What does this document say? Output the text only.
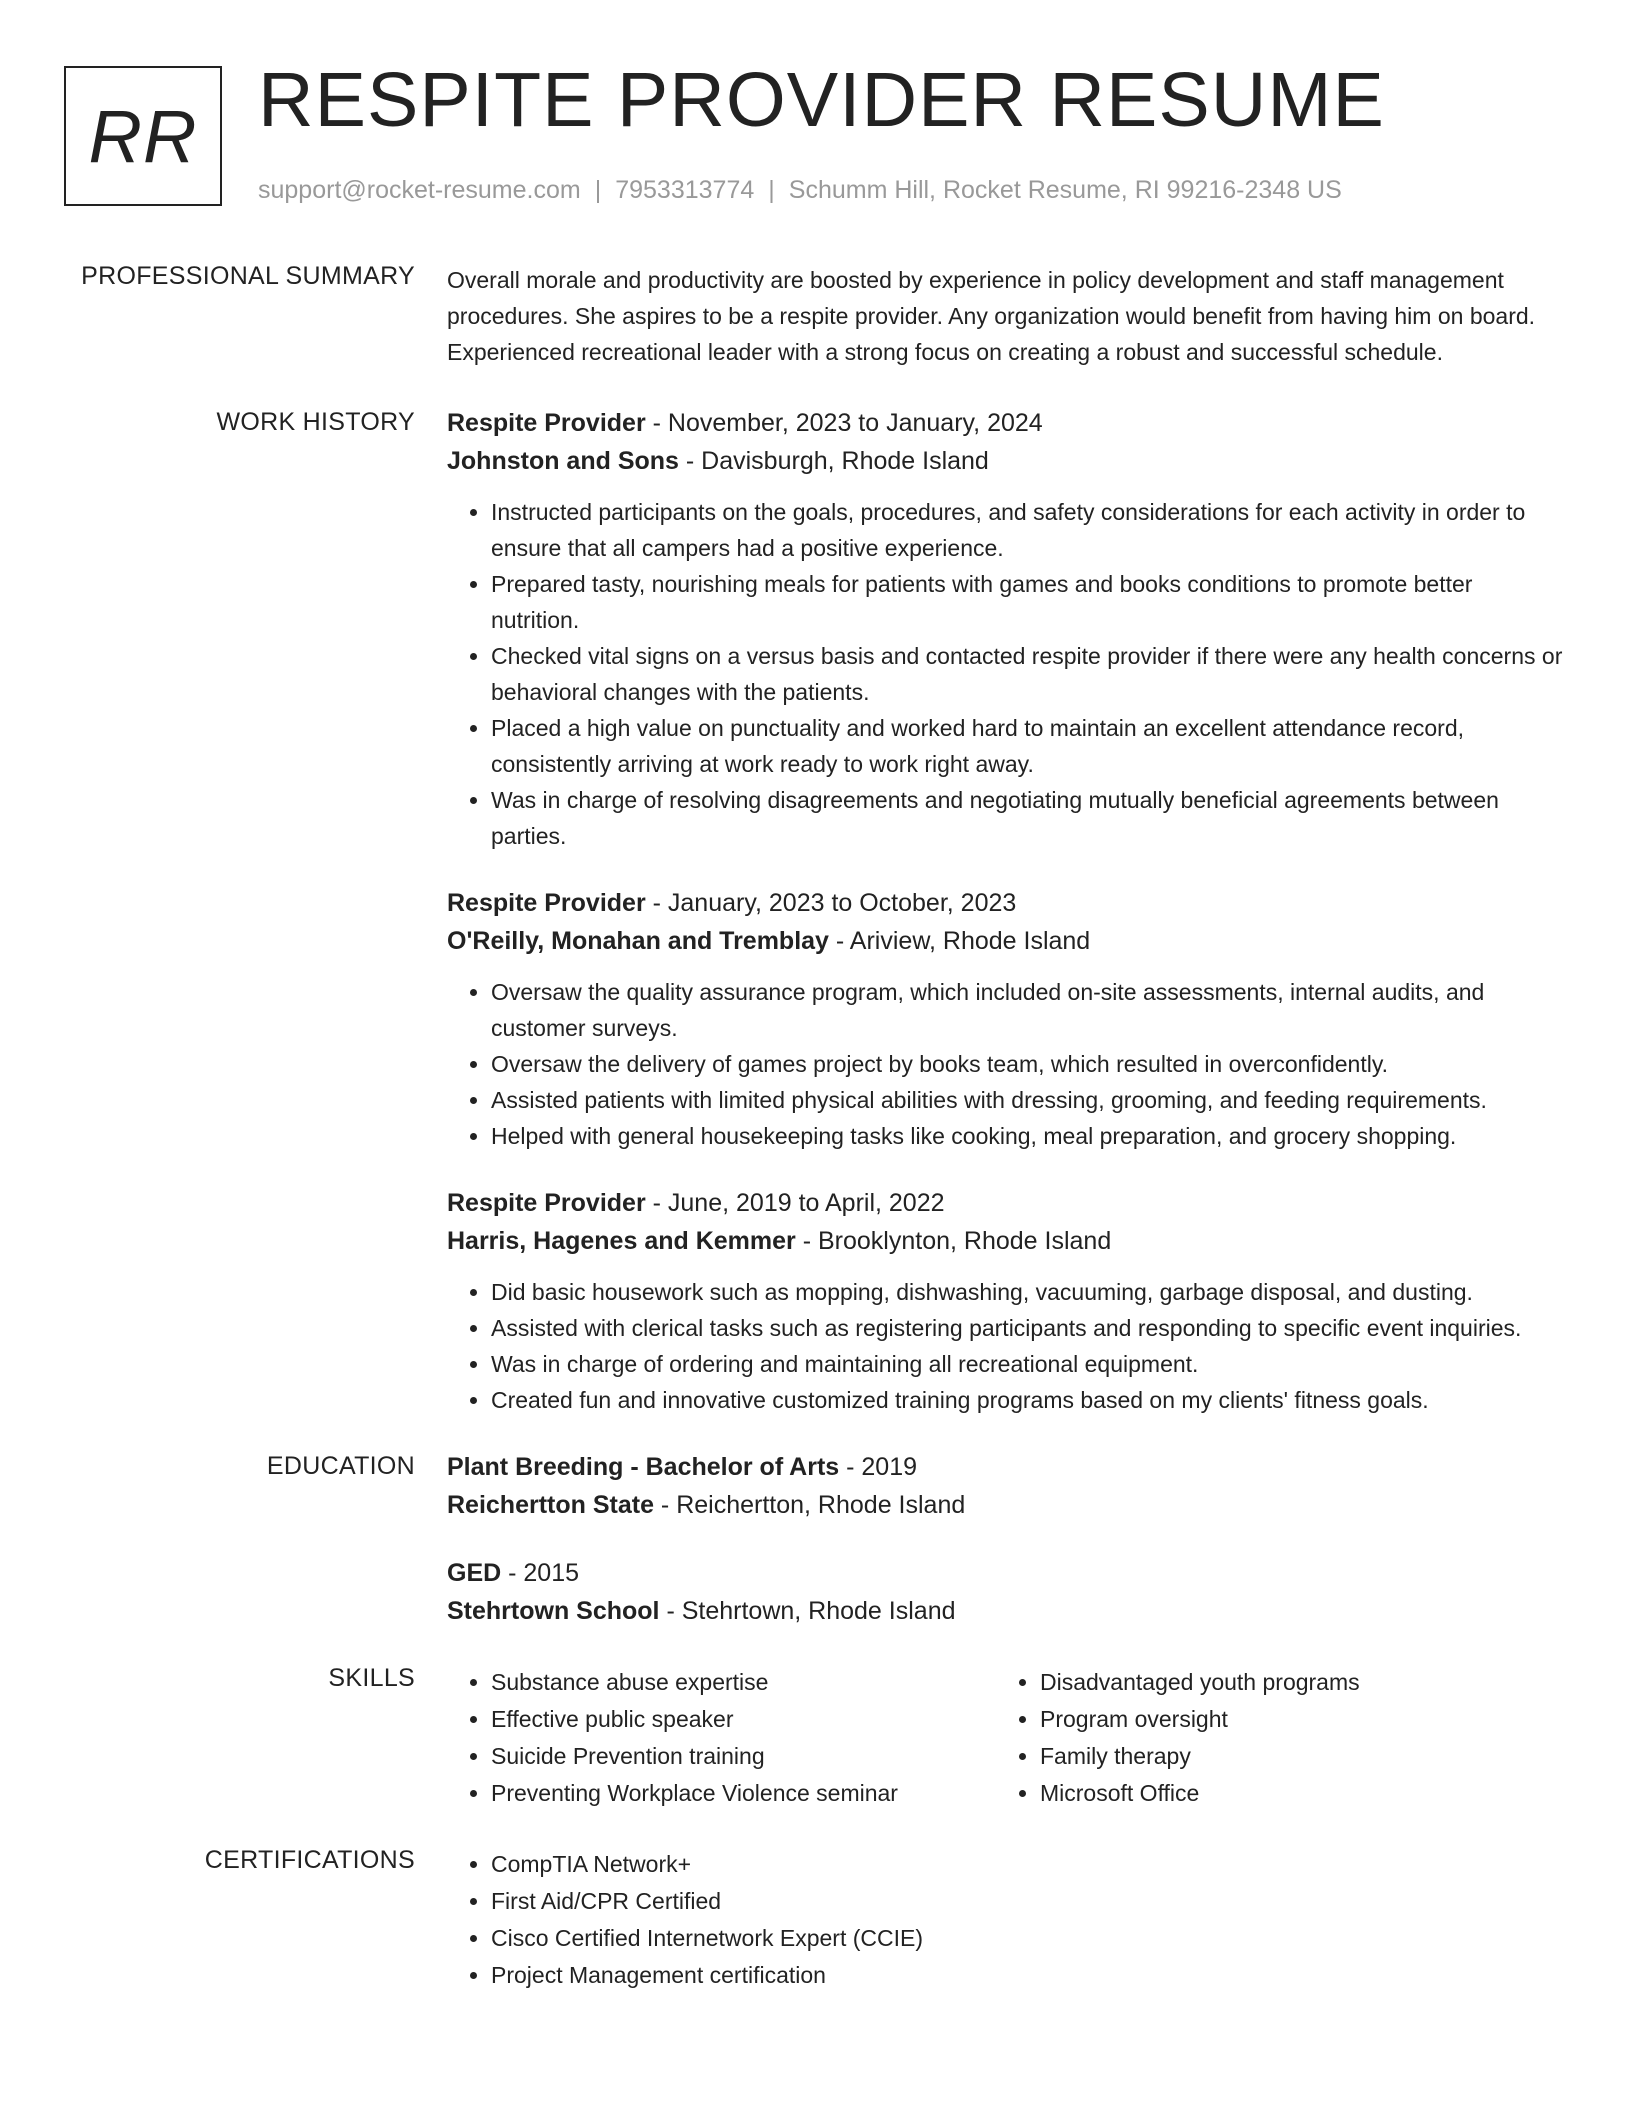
RR RESPITE PROVIDER RESUME
support@rocket-resume.com | 7953313774 | Schumm Hill, Rocket Resume, RI 99216-2348 US
PROFESSIONAL SUMMARY Overall morale and productivity are boosted by experience in policy development and staff management procedures. She aspires to be a respite provider. Any organization would benefit from having him on board. Experienced recreational leader with a strong focus on creating a robust and successful schedule.

WORK HISTORY Respite Provider - November, 2023 to January, 2024
Johnston and Sons - Davisburgh, Rhode Island
• Instructed participants on the goals, procedures, and safety considerations for each activity in order to ensure that all campers had a positive experience.
• Prepared tasty, nourishing meals for patients with games and books conditions to promote better nutrition.
• Checked vital signs on a versus basis and contacted respite provider if there were any health concerns or behavioral changes with the patients.
• Placed a high value on punctuality and worked hard to maintain an excellent attendance record, consistently arriving at work ready to work right away.
• Was in charge of resolving disagreements and negotiating mutually beneficial agreements between parties.
Respite Provider - January, 2023 to October, 2023
O'Reilly, Monahan and Tremblay - Ariview, Rhode Island
• Oversaw the quality assurance program, which included on-site assessments, internal audits, and customer surveys.
• Oversaw the delivery of games project by books team, which resulted in overconfidently.
• Assisted patients with limited physical abilities with dressing, grooming, and feeding requirements.
• Helped with general housekeeping tasks like cooking, meal preparation, and grocery shopping.
Respite Provider - June, 2019 to April, 2022
Harris, Hagenes and Kemmer - Brooklynton, Rhode Island
• Did basic housework such as mopping, dishwashing, vacuuming, garbage disposal, and dusting.
• Assisted with clerical tasks such as registering participants and responding to specific event inquiries.
• Was in charge of ordering and maintaining all recreational equipment.
• Created fun and innovative customized training programs based on my clients' fitness goals.
EDUCATION Plant Breeding - Bachelor of Arts - 2019
Reichertton State - Reichertton, Rhode Island
GED - 2015
Stehrtown School - Stehrtown, Rhode Island
SKILLS	• Substance abuse expertise
• Effective public speaker
• Suicide Prevention training
• Preventing Workplace Violence seminar
• Disadvantaged youth programs
• Program oversight
• Family therapy
• Microsoft Office
CERTIFICATIONS	• CompTIA Network+
• First Aid/CPR Certified
• Cisco Certified Internetwork Expert (CCIE)
• Project Management certification
